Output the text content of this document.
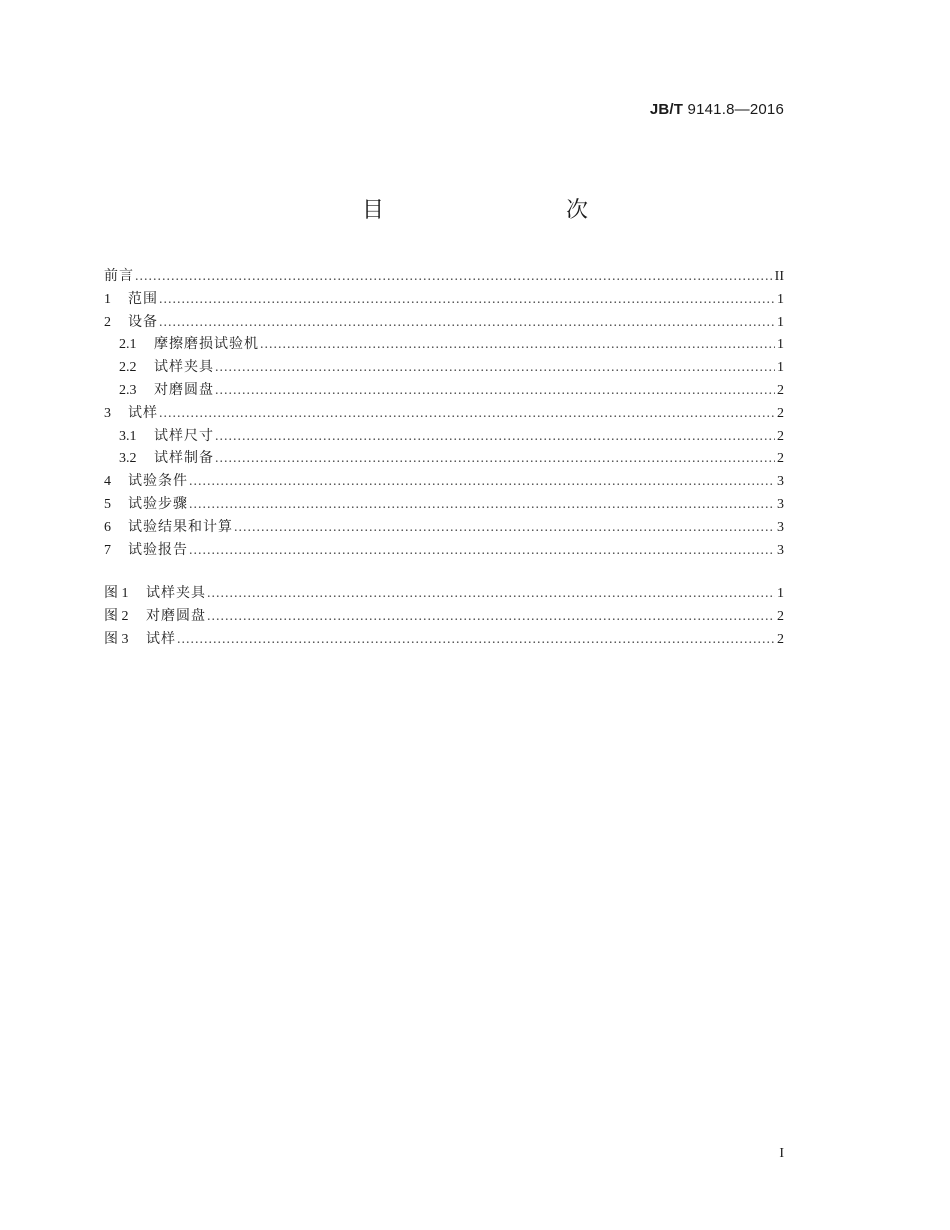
JB/T 9141.8—2016
目　　次
前言 .....	II
1	范围 .....	1
2	设备 .....	1
2.1	摩擦磨损试验机 .....	1
2.2	试样夹具 .....	1
2.3	对磨圆盘 .....	2
3	试样 .....	2
3.1	试样尺寸 .....	2
3.2	试样制备 .....	2
4	试验条件 .....	3
5	试验步骤 .....	3
6	试验结果和计算 .....	3
7	试验报告 .....	3
图 1	试样夹具 .....	1
图 2	对磨圆盘 .....	2
图 3	试样 .....	2
I
